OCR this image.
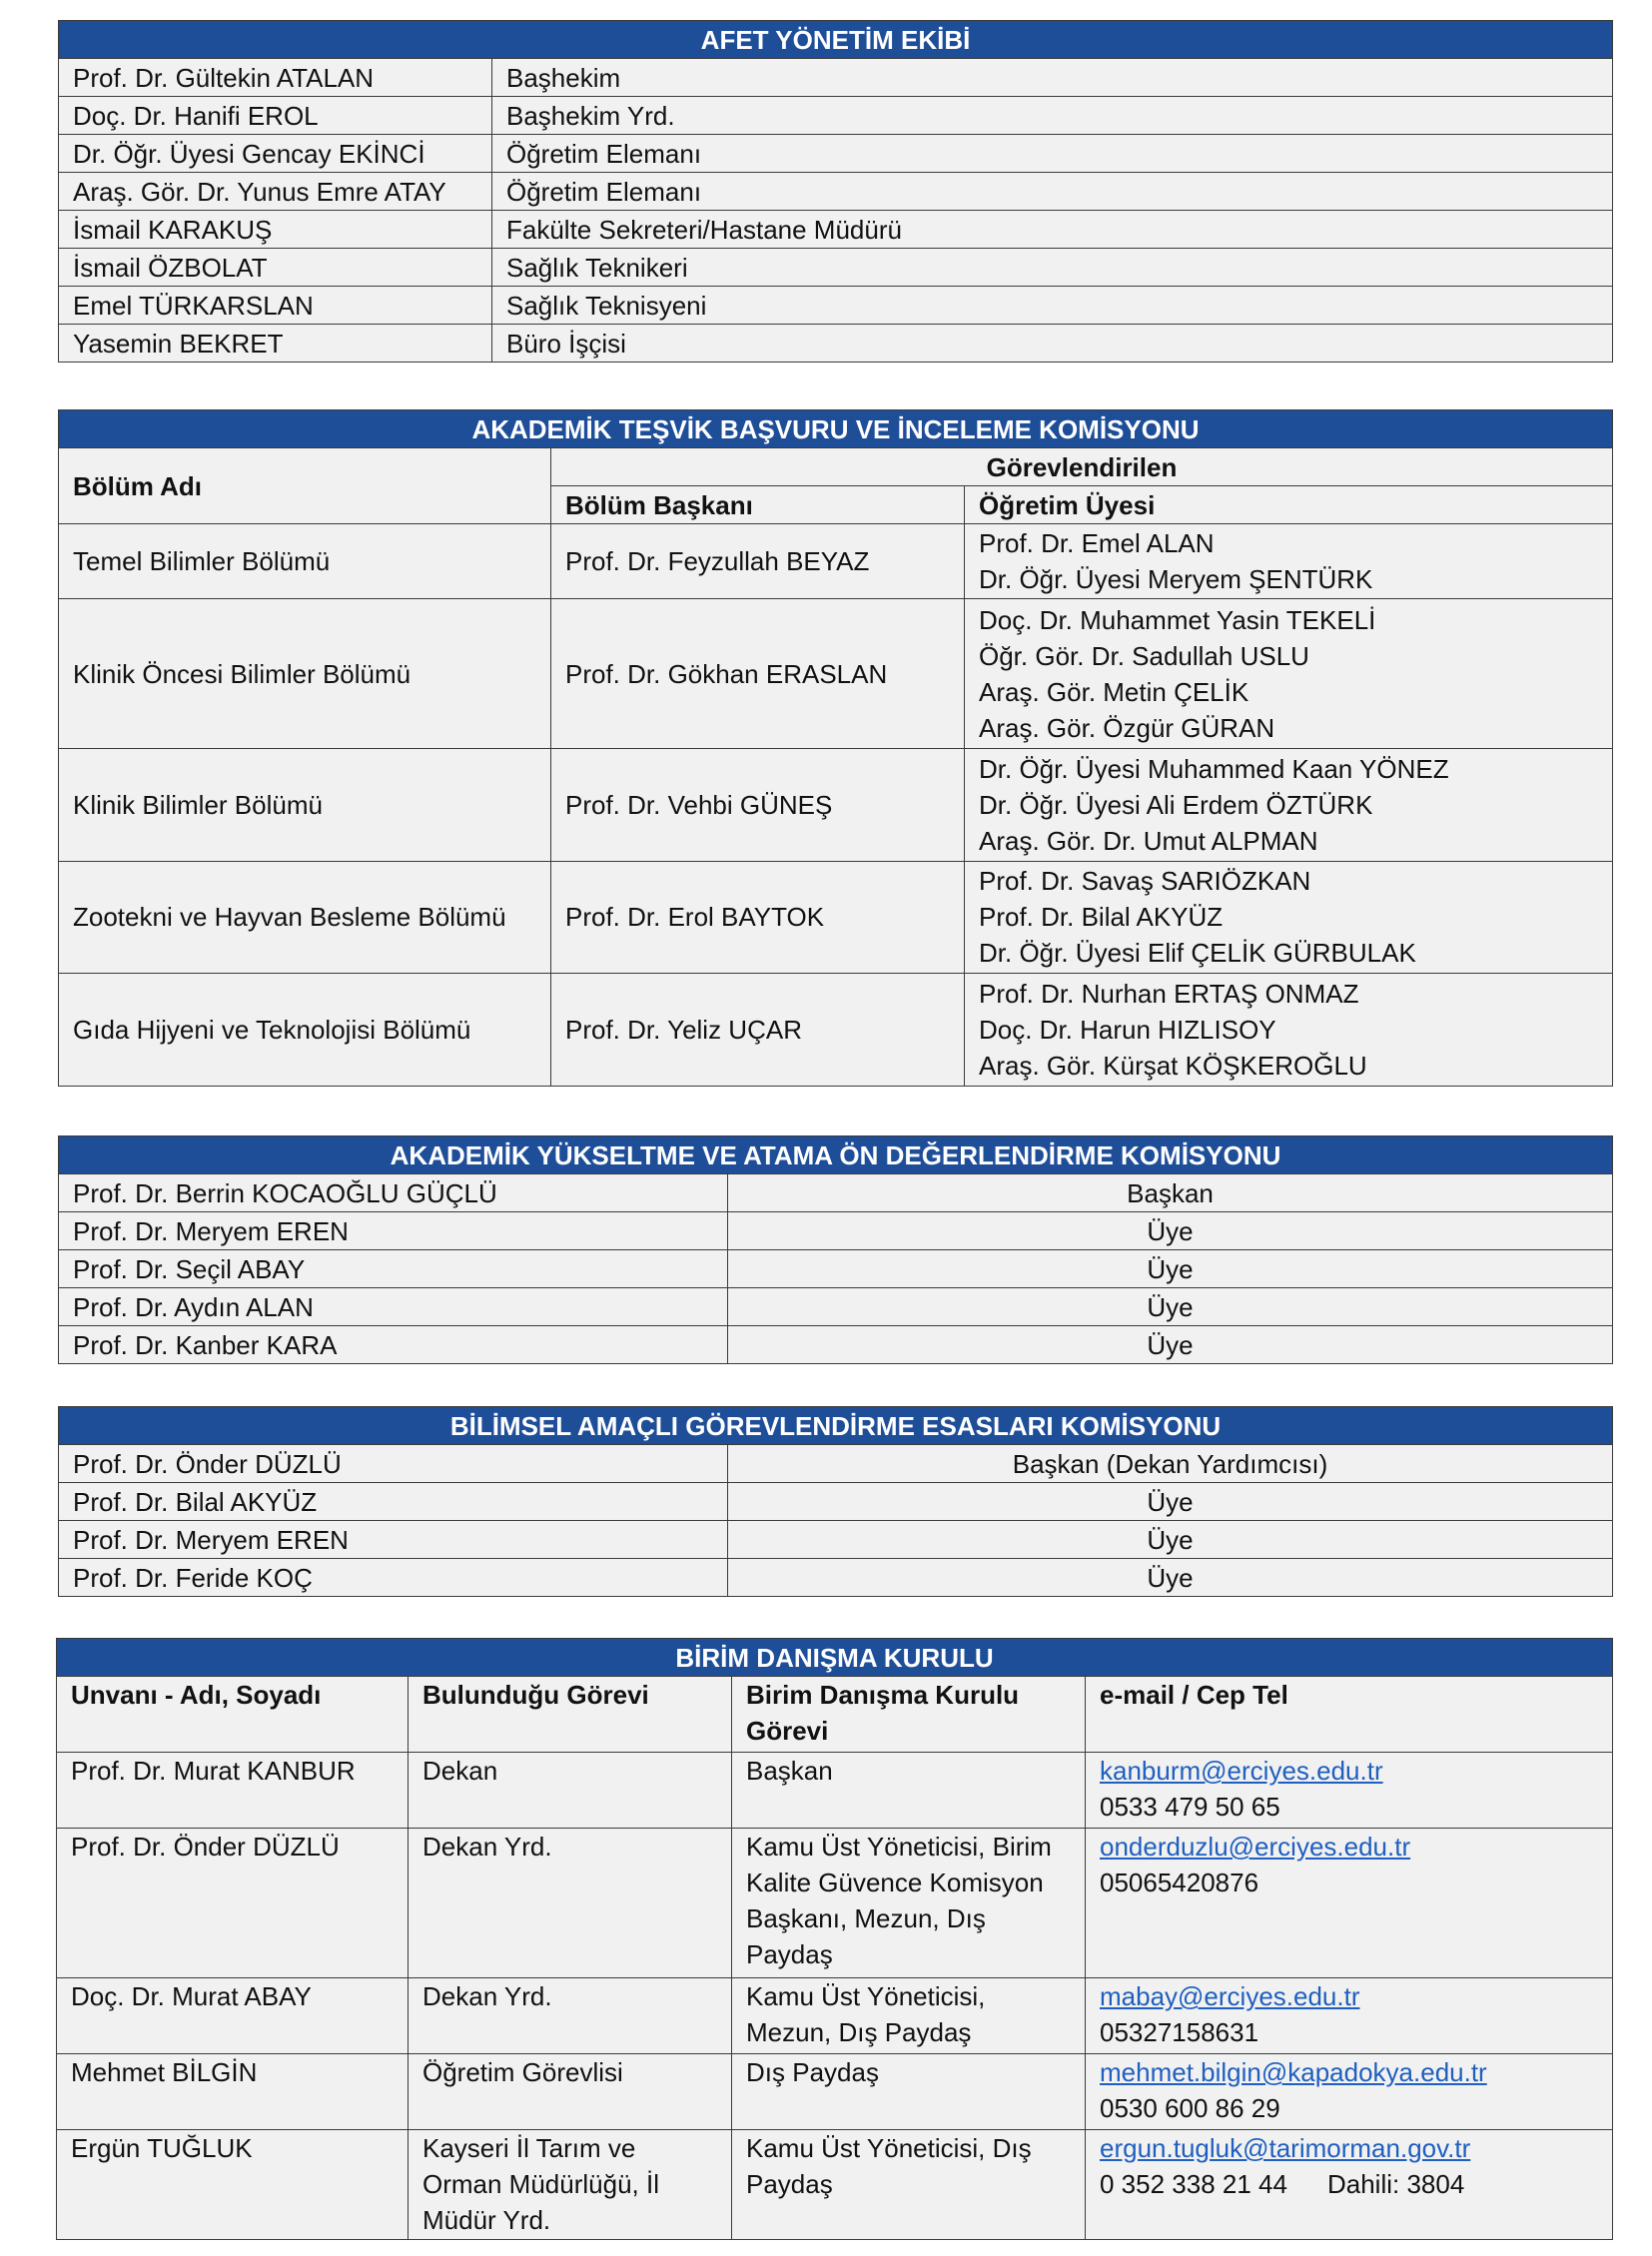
AFET YÖNETİM EKİBİ	
Prof. Dr. Gültekin ATALAN	Başhekim
Doç. Dr. Hanifi EROL	Başhekim Yrd.
Dr. Öğr. Üyesi Gencay EKİNCİ	Öğretim Elemanı
Araş. Gör. Dr. Yunus Emre ATAY	Öğretim Elemanı
İsmail KARAKUŞ	Fakülte Sekreteri/Hastane Müdürü
İsmail ÖZBOLAT	Sağlık Teknikeri
Emel TÜRKARSLAN	Sağlık Teknisyeni
Yasemin BEKRET	Büro İşçisi
AKADEMİK TEŞVİK BAŞVURU VE İNCELEME KOMİSYONU		
Bölüm Adı	Görevlendirilen	
	Bölüm Başkanı	Öğretim Üyesi
Temel Bilimler Bölümü	Prof. Dr. Feyzullah BEYAZ	Prof. Dr. Emel ALAN
Dr. Öğr. Üyesi Meryem ŞENTÜRK

Klinik Öncesi Bilimler Bölümü	Prof. Dr. Gökhan ERASLAN	Doç. Dr. Muhammet Yasin TEKELİ
Öğr. Gör. Dr. Sadullah USLU
Araş. Gör. Metin ÇELİK
Araş. Gör. Özgür GÜRAN

Klinik Bilimler Bölümü	Prof. Dr. Vehbi GÜNEŞ	Dr. Öğr. Üyesi Muhammed Kaan YÖNEZ
Dr. Öğr. Üyesi Ali Erdem ÖZTÜRK
Araş. Gör. Dr. Umut ALPMAN

Zootekni ve Hayvan Besleme Bölümü	Prof. Dr. Erol BAYTOK	Prof. Dr. Savaş SARIÖZKAN
Prof. Dr. Bilal AKYÜZ
Dr. Öğr. Üyesi Elif ÇELİK GÜRBULAK

Gıda Hijyeni ve Teknolojisi Bölümü	Prof. Dr. Yeliz UÇAR	Prof. Dr. Nurhan ERTAŞ ONMAZ
Doç. Dr. Harun HIZLISOY
Araş. Gör. Kürşat KÖŞKEROĞLU
AKADEMİK YÜKSELTME VE ATAMA ÖN DEĞERLENDİRME KOMİSYONU	
Prof. Dr. Berrin KOCAOĞLU GÜÇLÜ	Başkan
Prof. Dr. Meryem EREN	Üye
Prof. Dr. Seçil ABAY	Üye
Prof. Dr. Aydın ALAN	Üye
Prof. Dr. Kanber KARA	Üye
BİLİMSEL AMAÇLI GÖREVLENDİRME ESASLARI KOMİSYONU	
Prof. Dr. Önder DÜZLÜ	Başkan (Dekan Yardımcısı)
Prof. Dr. Bilal AKYÜZ	Üye
Prof. Dr. Meryem EREN	Üye
Prof. Dr. Feride KOÇ	Üye
BİRİM DANIŞMA KURULU			
Unvanı - Adı, Soyadı	Bulunduğu Görevi	Birim Danışma Kurulu Görevi	e-mail / Cep Tel
Prof. Dr. Murat KANBUR	Dekan	Başkan	kanburm@erciyes.edu.tr
0533 479 50 65

Prof. Dr. Önder DÜZLÜ	Dekan Yrd.	Kamu Üst Yöneticisi, Birim Kalite Güvence Komisyon Başkanı, Mezun, Dış Paydaş	onderduzlu@erciyes.edu.tr
05065420876

Doç. Dr. Murat ABAY	Dekan Yrd.	Kamu Üst Yöneticisi, Mezun, Dış Paydaş	mabay@erciyes.edu.tr
05327158631

Mehmet BİLGİN	Öğretim Görevlisi	Dış Paydaş	mehmet.bilgin@kapadokya.edu.tr
0530 600 86 29

Ergün TUĞLUK	Kayseri İl Tarım ve Orman Müdürlüğü, İl Müdür Yrd.	Kamu Üst Yöneticisi, Dış Paydaş	ergun.tugluk@tarimorman.gov.tr
0 352 338 21 44 Dahili: 3804
